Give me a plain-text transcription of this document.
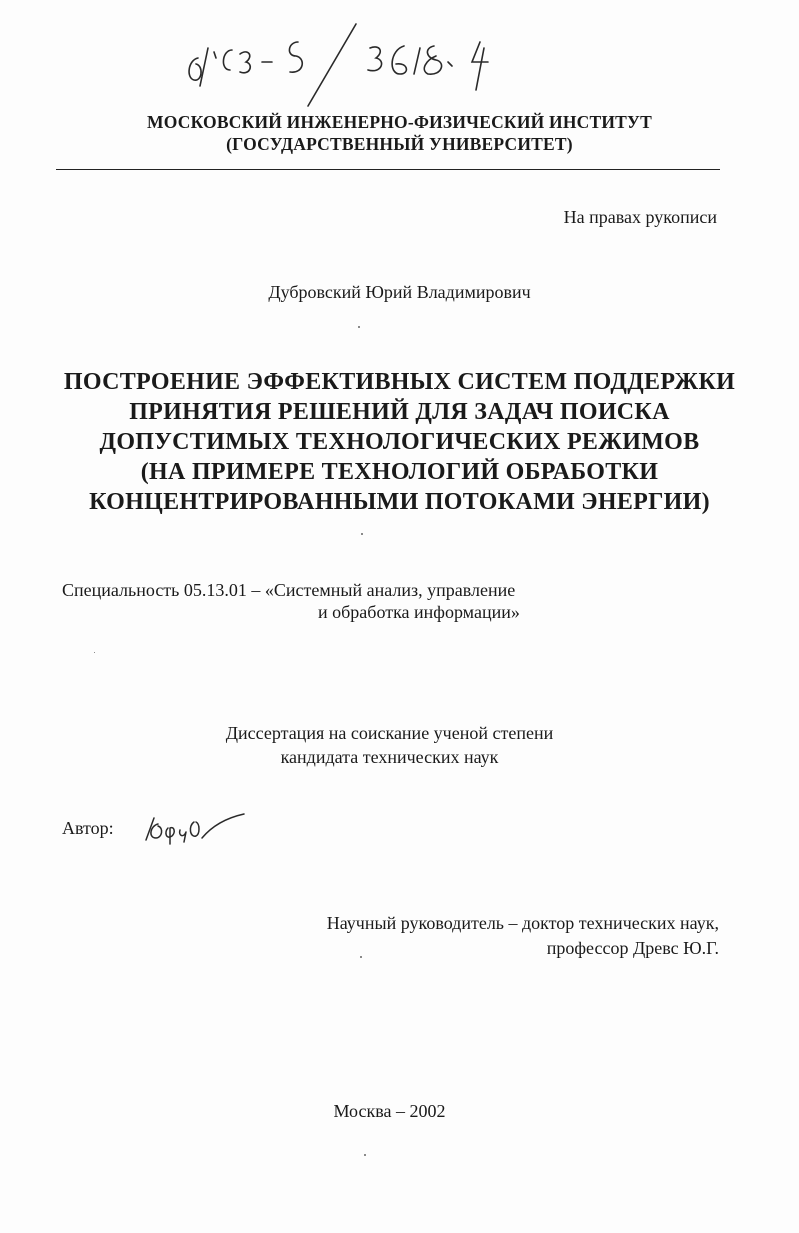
МОСКОВСКИЙ ИНЖЕНЕРНО-ФИЗИЧЕСКИЙ ИНСТИТУТ
(ГОСУДАРСТВЕННЫЙ УНИВЕРСИТЕТ)
На правах рукописи
Дубровский Юрий Владимирович
ПОСТРОЕНИЕ ЭФФЕКТИВНЫХ СИСТЕМ ПОДДЕРЖКИ
ПРИНЯТИЯ РЕШЕНИЙ ДЛЯ ЗАДАЧ ПОИСКА
ДОПУСТИМЫХ ТЕХНОЛОГИЧЕСКИХ РЕЖИМОВ
(НА ПРИМЕРЕ ТЕХНОЛОГИЙ ОБРАБОТКИ
КОНЦЕНТРИРОВАННЫМИ ПОТОКАМИ ЭНЕРГИИ)
Специальность 05.13.01 – «Системный анализ, управление
и обработка информации»
Диссертация на соискание ученой степени
кандидата технических наук
Автор:
Научный руководитель – доктор технических наук,
профессор Древс Ю.Г.
Москва – 2002
